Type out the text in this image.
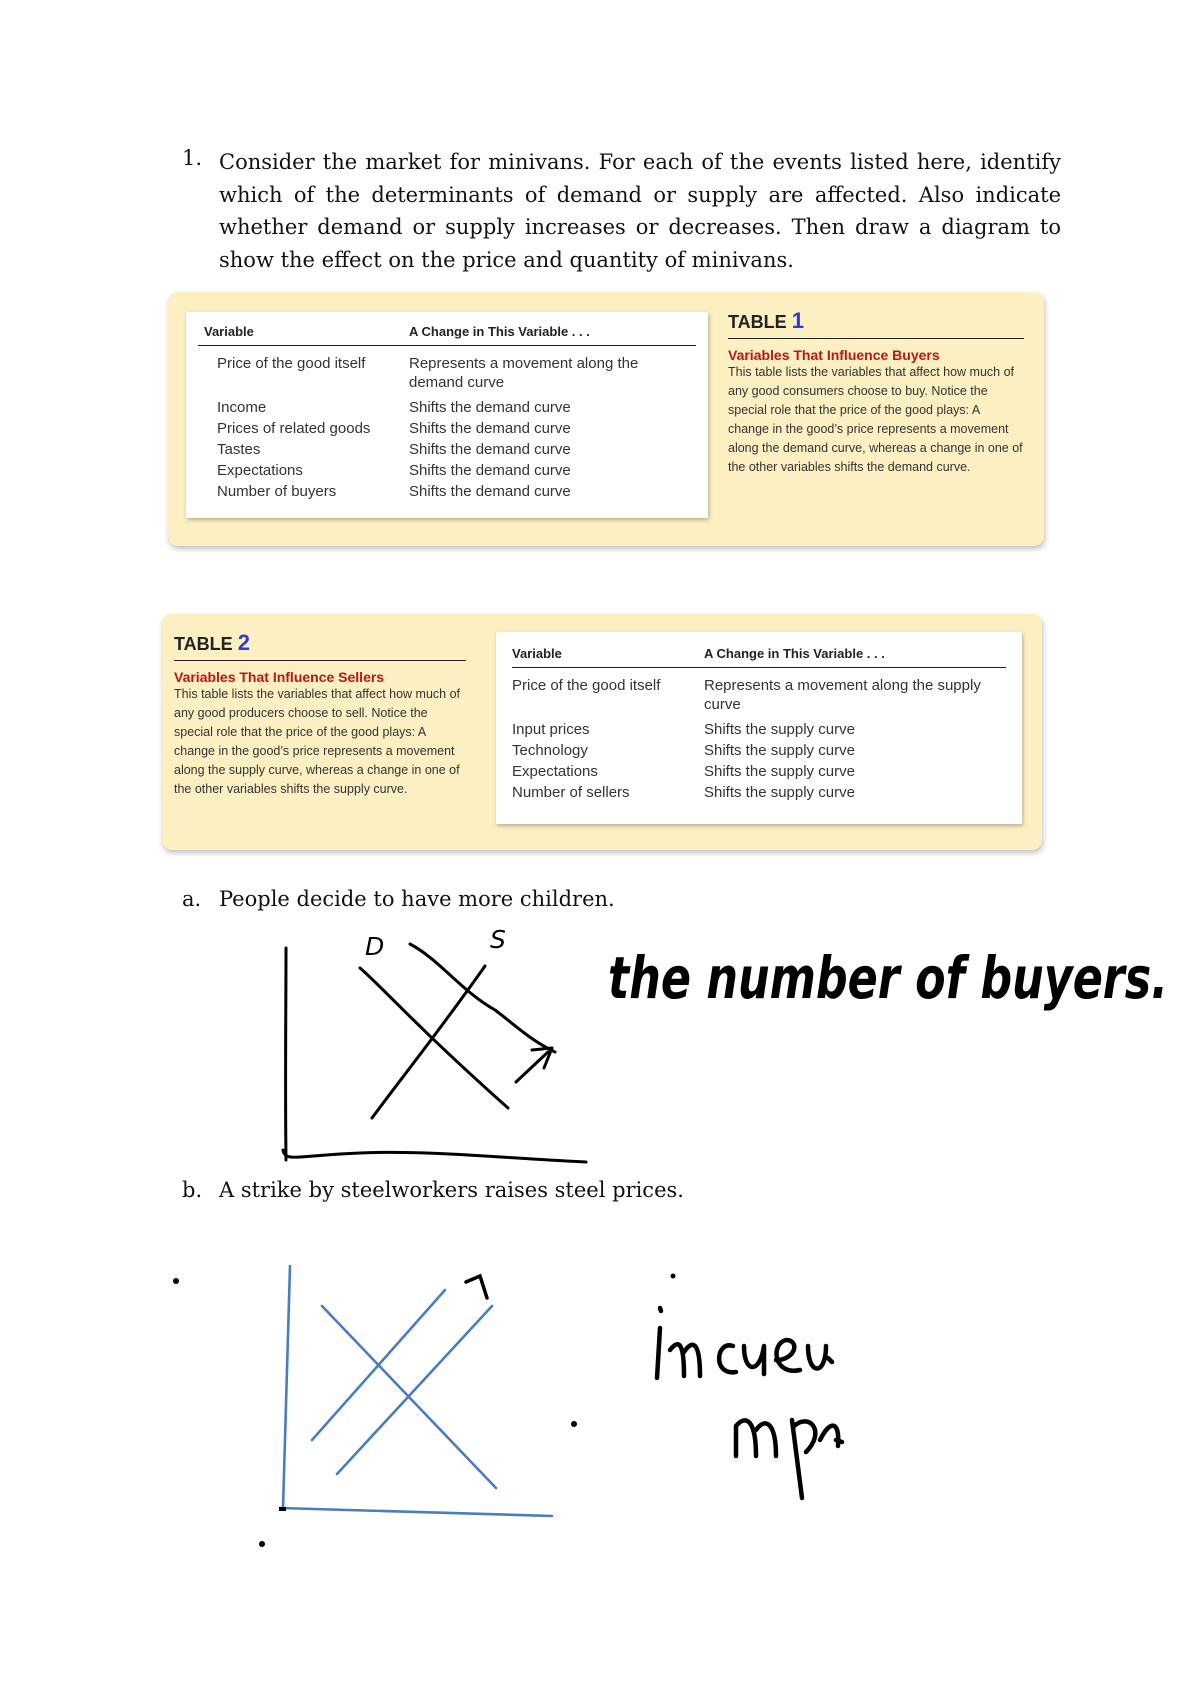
1. Consider the market for minivans. For each of the events listed here, identify which of the determinants of demand or supply are affected. Also indicate whether demand or supply increases or decreases. Then draw a diagram to show the effect on the price and quantity of minivans.
Variable	A Change in This Variable . . .
Price of the good itself	Represents a movement along the demand curve
Income	Shifts the demand curve
Prices of related goods	Shifts the demand curve
Tastes	Shifts the demand curve
Expectations	Shifts the demand curve
Number of buyers	Shifts the demand curve
TABLE 1
Variables That Influence Buyers
This table lists the variables that affect how much of any good consumers choose to buy. Notice the special role that the price of the good plays: A change in the good’s price represents a movement along the demand curve, whereas a change in one of the other variables shifts the demand curve.
TABLE 2
Variables That Influence Sellers
This table lists the variables that affect how much of any good producers choose to sell. Notice the special role that the price of the good plays: A change in the good’s price represents a movement along the supply curve, whereas a change in one of the other variables shifts the supply curve.
Variable	A Change in This Variable . . .
Price of the good itself	Represents a movement along the supply curve
Input prices	Shifts the supply curve
Technology	Shifts the supply curve
Expectations	Shifts the supply curve
Number of sellers	Shifts the supply curve
a. People decide to have more children.
b. A strike by steelworkers raises steel prices.
D	S
the number of buyers.
